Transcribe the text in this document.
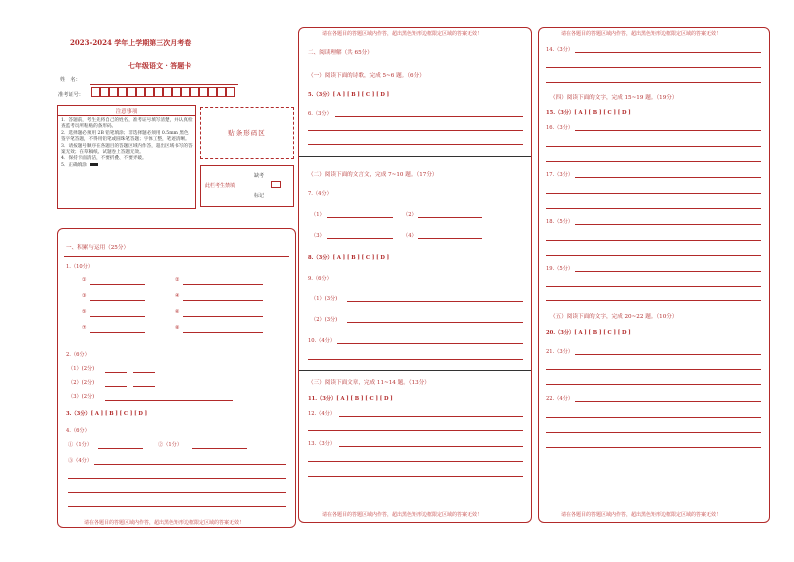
2023-2024 学年上学期第三次月考卷
七年级语文 · 答题卡
姓　名：
准考证号：
注意事项
1．答题前，考生先将自己的姓名，准考证号填写清楚，并认真检查监考员所粘贴的条形码。
2．选择题必须用 2B 铅笔填涂；非选择题必须用 0.5mm 黑色签字笔答题，不得用铅笔或圆珠笔答题；字体工整，笔迹清晰。
3．请按题号顺序在各题目的答题区域内作答，超出区域书写的答案无效；在草稿纸、试题卷上答题无效。
4．保持卡面清洁，不要折叠、不要弄破。
5．正确填涂
贴条形码区
此栏考生禁填
缺考
标记
一、积累与运用（25分）
1.（10分）
①	②
③	④
⑤	⑥
⑦	⑧
2.（6分）
（1）(2分)
（2）(2分)
（3）(2分)
3.（3分）[ A ] [ B ] [ C ] [ D ]
4.（6分）
①（1分）	②（1分）
③（4分）
请在各题目的答题区域内作答，超出黑色矩形边框限定区域的答案无效！
二、阅读理解（共 65分）
（一）阅读下面的诗歌，完成 5~6 题。（6分）
5.（3分）[ A ] [ B ] [ C ] [ D ]
6.（3分）
（二）阅读下面的文言文，完成 7~10 题。（17分）
7.（4分）
（1）	（2）
（3）	（4）
8.（3分）[ A ] [ B ] [ C ] [ D ]
9.（6分）
（1）(3分)
（2）(3分)
10.（4分）
（三）阅读下面文章，完成 11~14 题。（13分）
11.（3分）[ A ] [ B ] [ C ] [ D ]
12.（4分）
13.（3分）
请在各题目的答题区域内作答，超出黑色矩形边框限定区域的答案无效！
请在各题目的答题区域内作答，超出黑色矩形边框限定区域的答案无效！
14.（3分）
（四）阅读下面的文字，完成 15~19 题。（19分）
15.（3分）[ A ] [ B ] [ C ] [ D ]
16.（3分）
17.（3分）
18.（5分）
19.（5分）
（五）阅读下面的文字，完成 20~22 题。（10分）
20.（3分）[ A ] [ B ] [ C ] [ D ]
21.（3分）
22.（4分）
请在各题目的答题区域内作答，超出黑色矩形边框限定区域的答案无效！
请在各题目的答题区域内作答，超出黑色矩形边框限定区域的答案无效！
